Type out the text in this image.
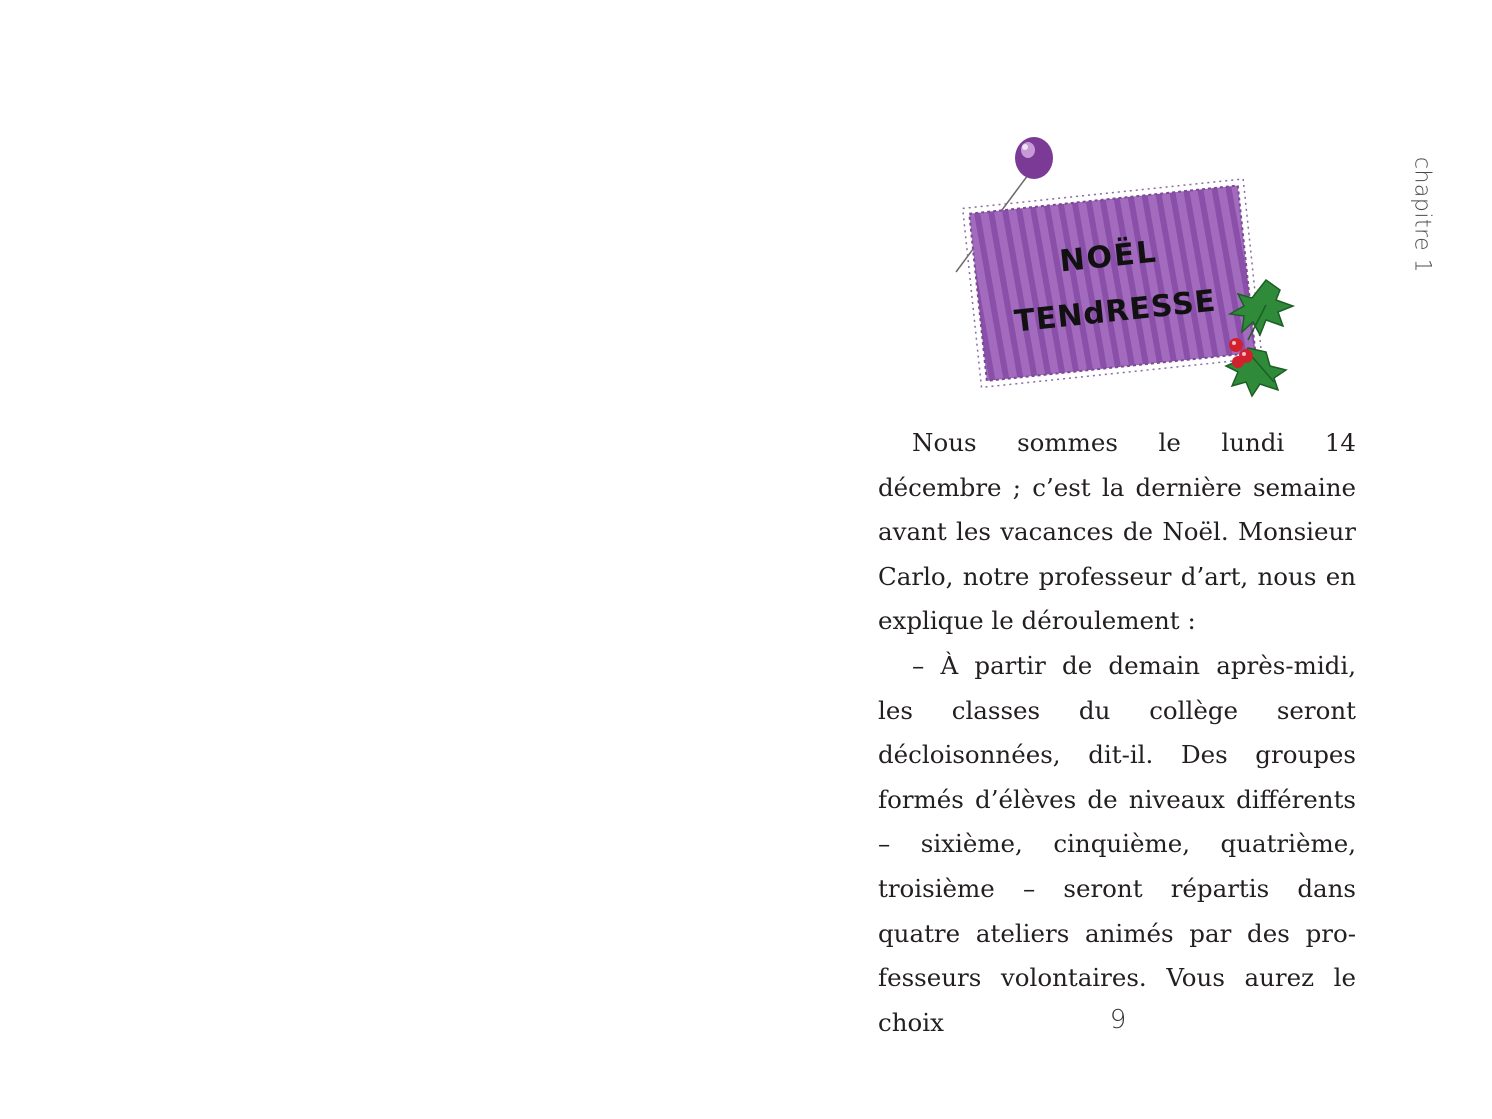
chapitre 1
NOËL
TENdRESSE

Nous sommes le lundi 14 décembre ; c’est la dernière semaine avant les vacances de Noël. Monsieur Carlo, notre professeur d’art, nous en explique le déroulement :

– À partir de demain après-midi, les classes du collège seront décloisonnées, dit-il. Des groupes formés d’élèves de niveaux différents – sixième, cinquième, quatrième, troisième – seront répartis dans quatre ateliers animés par des professeurs volontaires. Vous aurez le choix	9
